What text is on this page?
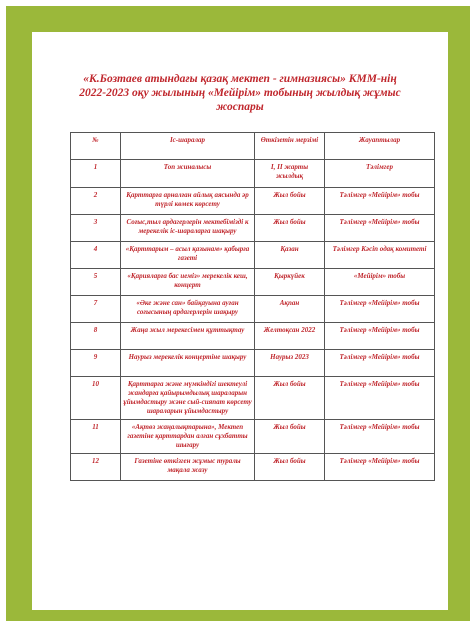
«К.Бозтаев атындағы қазақ мектеп - гимназиясы» КММ-нің
2022-2023 оқу жылының «Мейірім» тобының жылдық жұмыс
жоспары
№	Іс-шаралар	Өткізетін мерзімі	Жауаптылар
1	Топ жиналысы	І, ІІ жарты жылдық	Тәлімгер
2	Қарттарға арналған айлық аясында әр түрлі көмек көрсету	Жыл бойы	Тәлімгер «Мейірім» тобы
3	Соғыс,тыл ардагерлерін мектебімізді к мерекелік іс-шараларға шақыру	Жыл бойы	Тәлімгер «Мейірім» тобы
4	«Қарттарым – асыл қазынам» қабырға газеті	Қазан	Тәлімгер Кәсіп одақ комитеті
5	«Қарияларға бас иеміз» мерекелік кеш, концерт	Қыркүйек	«Мейірім» тобы
7	«Әке және сан» байқауына ауған соғысының ардагерлерін шақыру	Ақпан	Тәлімгер «Мейірім» тобы
8	Жаңа жыл мерекесімен құттықтау	Желтоқсан 2022	Тәлімгер «Мейірім» тобы
9	Наурыз мерекелік концертіне шақыру	Наурыз 2023	Тәлімгер «Мейірім» тобы
10	Қарттарға және мүмкіндігі шектеулі жандарға қайырымдылық шараларын ұйымдастыру және сый-сияпат көрсету шараларын ұйымдастыру	Жыл бойы	Тәлімгер «Мейірім» тобы
11	«Ақтөз жаңалықтарына», Мектеп газетіне қарттардан алған сұхбатты шығару	Жыл бойы	Тәлімгер «Мейірім» тобы
12	Газетіне өткізген жұмыс туралы мақала жазу	Жыл бойы	Тәлімгер «Мейірім» тобы
